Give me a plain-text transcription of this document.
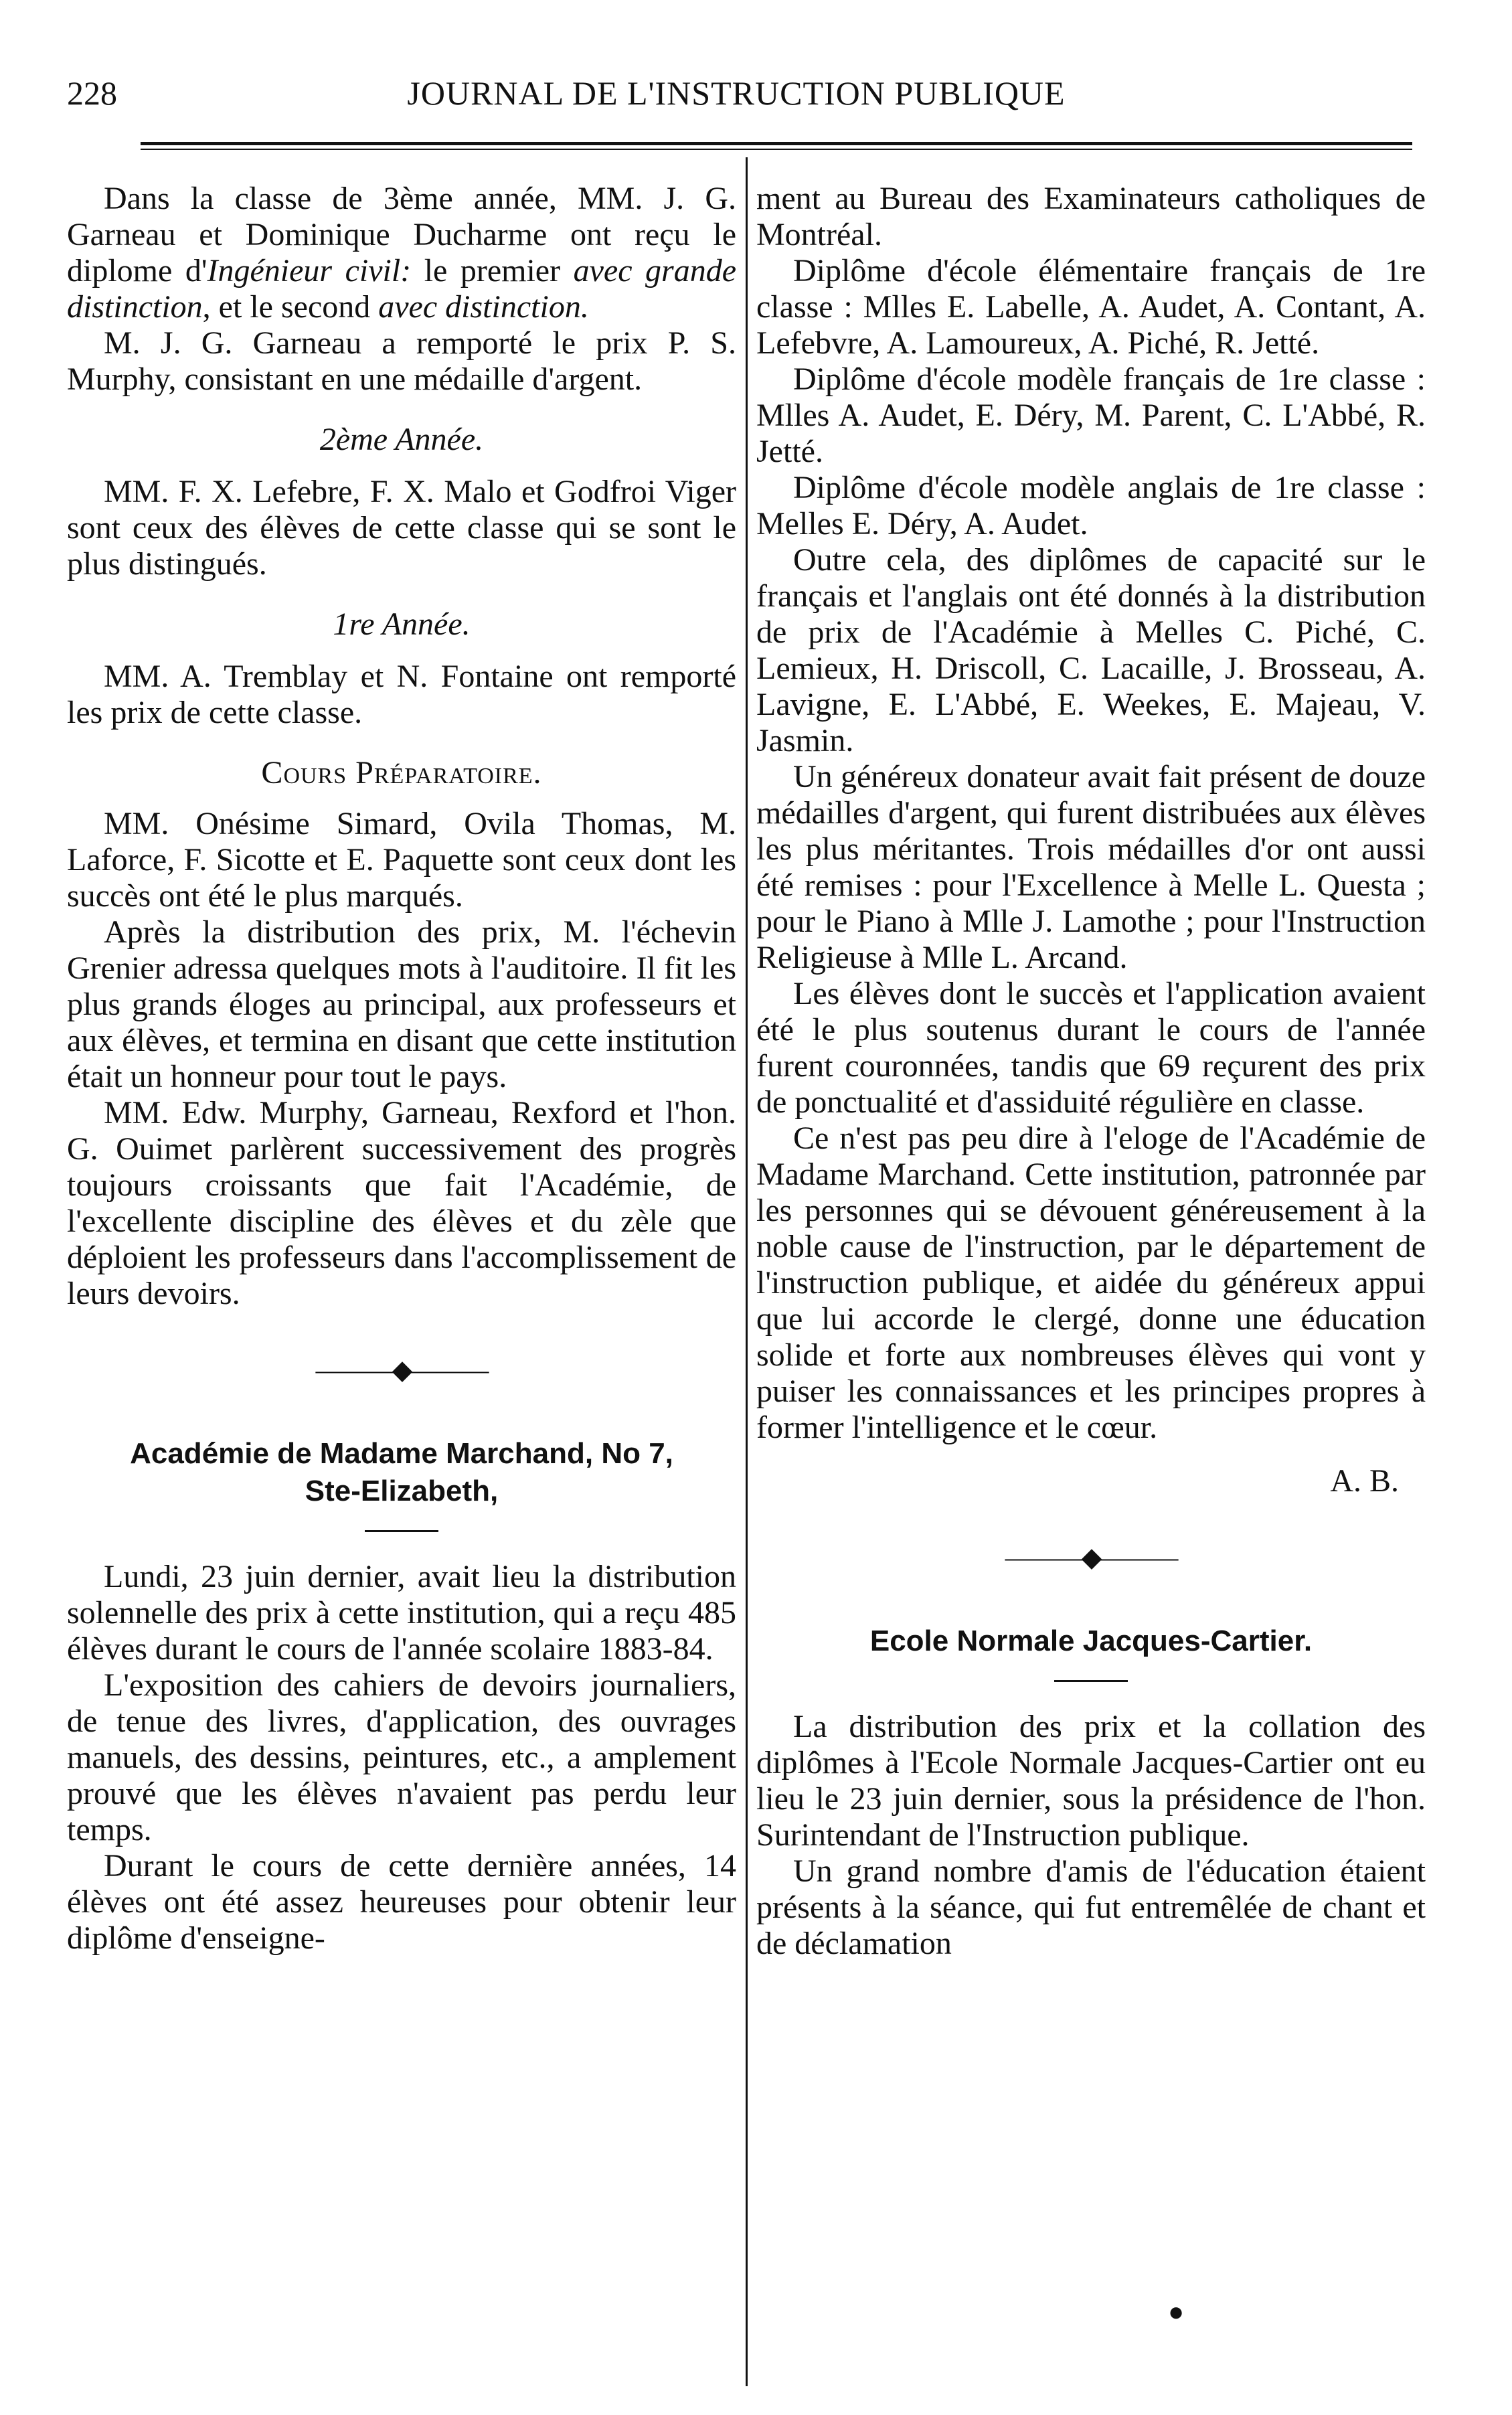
228	JOURNAL DE L'INSTRUCTION PUBLIQUE

Dans la classe de 3ème année, MM. J. G. Garneau et Dominique Ducharme ont reçu le diplome d'Ingénieur civil: le premier avec grande distinction, et le second avec distinction.

M. J. G. Garneau a remporté le prix P. S. Murphy, consistant en une médaille d'argent.

2ème Année.

MM. F. X. Lefebre, F. X. Malo et Godfroi Viger sont ceux des élèves de cette classe qui se sont le plus distingués.

1re Année.

MM. A. Tremblay et N. Fontaine ont remporté les prix de cette classe.

Cours Préparatoire.

MM. Onésime Simard, Ovila Thomas, M. Laforce, F. Sicotte et E. Paquette sont ceux dont les succès ont été le plus marqués.

Après la distribution des prix, M. l'échevin Grenier adressa quelques mots à l'auditoire. Il fit les plus grands éloges au principal, aux professeurs et aux élèves, et termina en disant que cette institution était un honneur pour tout le pays.

MM. Edw. Murphy, Garneau, Rexford et l'hon. G. Ouimet parlèrent successivement des progrès toujours croissants que fait l'Académie, de l'excellente discipline des élèves et du zèle que déploient les professeurs dans l'accomplissement de leurs devoirs.

———◆———
Académie de Madame Marchand, No 7,
Ste-Elizabeth,

Lundi, 23 juin dernier, avait lieu la distribution solennelle des prix à cette institution, qui a reçu 485 élèves durant le cours de l'année scolaire 1883-84.

L'exposition des cahiers de devoirs journaliers, de tenue des livres, d'application, des ouvrages manuels, des dessins, peintures, etc., a amplement prouvé que les élèves n'avaient pas perdu leur temps.

Durant le cours de cette dernière années, 14 élèves ont été assez heureuses pour obtenir leur diplôme d'enseigne-

ment au Bureau des Examinateurs catholiques de Montréal.

Diplôme d'école élémentaire français de 1re classe : Mlles E. Labelle, A. Audet, A. Contant, A. Lefebvre, A. Lamoureux, A. Piché, R. Jetté.

Diplôme d'école modèle français de 1re classe : Mlles A. Audet, E. Déry, M. Parent, C. L'Abbé, R. Jetté.

Diplôme d'école modèle anglais de 1re classe : Melles E. Déry, A. Audet.

Outre cela, des diplômes de capacité sur le français et l'anglais ont été donnés à la distribution de prix de l'Académie à Melles C. Piché, C. Lemieux, H. Driscoll, C. Lacaille, J. Brosseau, A. Lavigne, E. L'Abbé, E. Weekes, E. Majeau, V. Jasmin.

Un généreux donateur avait fait présent de douze médailles d'argent, qui furent distribuées aux élèves les plus méritantes. Trois médailles d'or ont aussi été remises : pour l'Excellence à Melle L. Questa ; pour le Piano à Mlle J. Lamothe ; pour l'Instruction Religieuse à Mlle L. Arcand.

Les élèves dont le succès et l'application avaient été le plus soutenus durant le cours de l'année furent couronnées, tandis que 69 reçurent des prix de ponctualité et d'assiduité régulière en classe.

Ce n'est pas peu dire à l'eloge de l'Académie de Madame Marchand. Cette institution, patronnée par les personnes qui se dévouent généreusement à la noble cause de l'instruction, par le département de l'instruction publique, et aidée du généreux appui que lui accorde le clergé, donne une éducation solide et forte aux nombreuses élèves qui vont y puiser les connaissances et les principes propres à former l'intelligence et le cœur.

A. B.
———◆———
Ecole Normale Jacques-Cartier.

La distribution des prix et la collation des diplômes à l'Ecole Normale Jacques-Cartier ont eu lieu le 23 juin dernier, sous la présidence de l'hon. Surintendant de l'Instruction publique.

Un grand nombre d'amis de l'éducation étaient présents à la séance, qui fut entremêlée de chant et de déclamation

●
